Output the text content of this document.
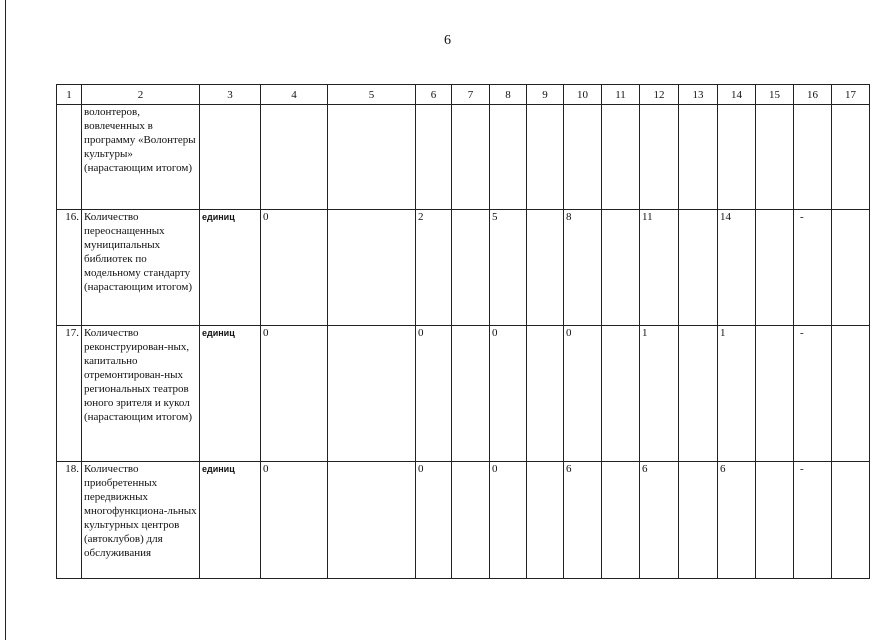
6
1	2	3	4	5	6	7	8	9	10	11	12	13	14	15	16	17
	волонтеров, вовлеченных в программу «Волонтеры культуры» (нарастающим итогом)															
16.	Количество переоснащенных муниципальных библиотек по модельному стандарту (нарастающим итогом)	единиц	0		2		5		8		11		14		-	
17.	Количество реконструирован-ных, капитально отремонтирован-ных региональных театров юного зрителя и кукол (нарастающим итогом)	единиц	0		0		0		0		1		1		-	
18.	Количество приобретенных передвижных многофункциона-льных культурных центров (автоклубов) для обслуживания	единиц	0		0		0		6		6		6		-	
